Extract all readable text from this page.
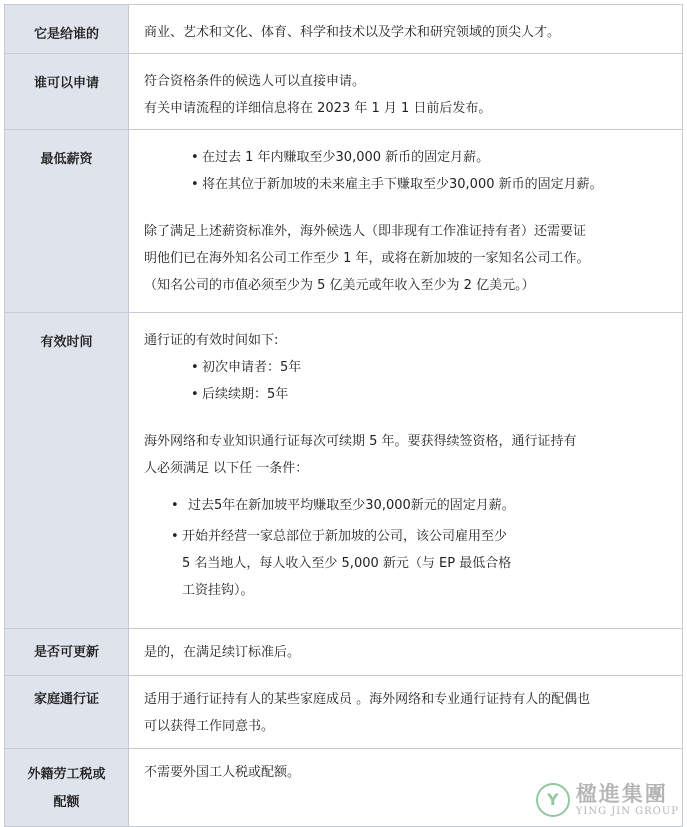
它是给谁的	商业、艺术和文化、体育、科学和技术以及学术和研究领域的顶尖人才。

谁可以申请	符合资格条件的候选人可以直接申请。

有关申请流程的详细信息将在 2023 年 1 月 1 日前后发布。

最低薪资
•	在过去 1 年内赚取至少30,000 新币的固定月薪。
• 将在其位于新加坡的未来雇主手下赚取至少30,000 新币的固定月薪。

除了满足上述薪资标准外，海外候选人（即非现有工作准证持有者）还需要证

明他们已在海外知名公司工作至少 1 年，或将在新加坡的一家知名公司工作。

（知名公司的市值必须至少为 5 亿美元或年收入至少为 2 亿美元。）

有效时间	通行证的有效时间如下:

• 初次申请者：5年
• 后续续期：5年

海外网络和专业知识通行证每次可续期 5 年。要获得续签资格，通行证持有

人必须满足 以下任 一条件：

• 过去5年在新加坡平均赚取至少30,000新元的固定月薪。
• 开始并经营一家总部位于新加坡的公司，该公司雇用至少
5 名当地人，每人收入至少 5,000 新元（与 EP 最低合格
工资挂钩）。
是否可更新	是的，在满足续订标准后。

家庭通行证	适用于通行证持有人的某些家庭成员 。海外网络和专业通行证持有人的配偶也

可以获得工作同意书。

外籍劳工税或
配额

不需要外国工人税或配额。

Y 楹進集團
YING JIN GROUP
